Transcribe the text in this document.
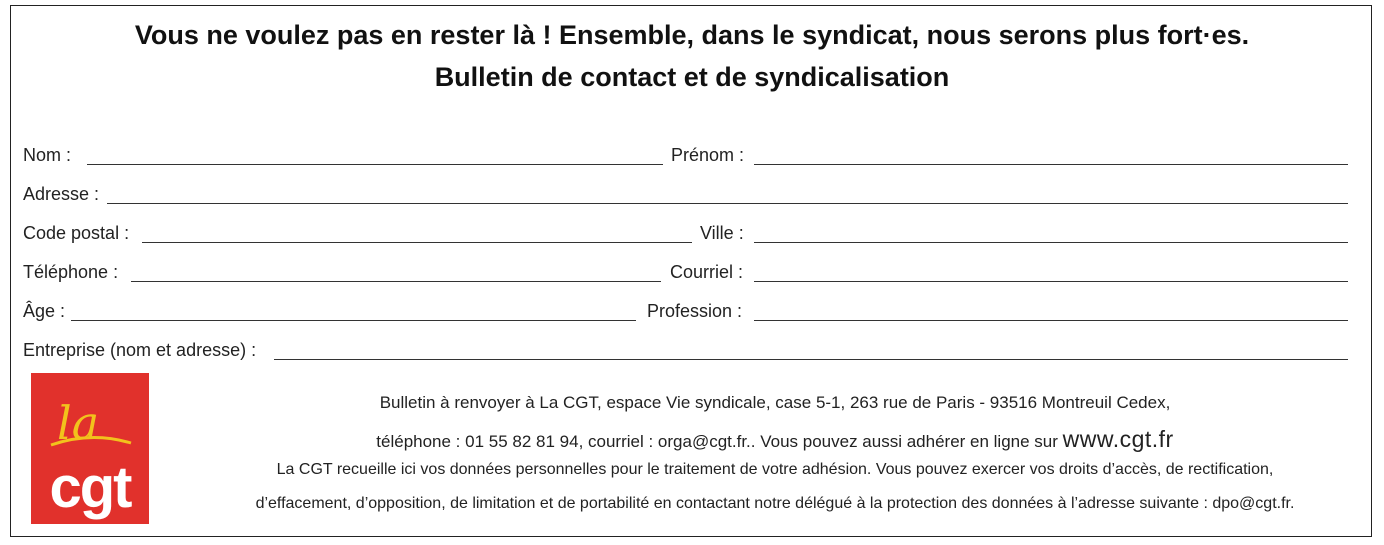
Vous ne voulez pas en rester là ! Ensemble, dans le syndicat, nous serons plus fort·es.
Bulletin de contact et de syndicalisation
Nom :	Prénom :
Adresse :
Code postal :	Ville :
Téléphone :	Courriel :
Âge :	Profession :
Entreprise (nom et adresse) :
la
cgt
Bulletin à renvoyer à La CGT, espace Vie syndicale, case 5-1, 263 rue de Paris - 93516 Montreuil Cedex,
téléphone : 01 55 82 81 94, courriel : orga@cgt.fr.. Vous pouvez aussi adhérer en ligne sur www.cgt.fr
La CGT recueille ici vos données personnelles pour le traitement de votre adhésion. Vous pouvez exercer vos droits d’accès, de rectification,
d’effacement, d’opposition, de limitation et de portabilité en contactant notre délégué à la protection des données à l’adresse suivante : dpo@cgt.fr.
